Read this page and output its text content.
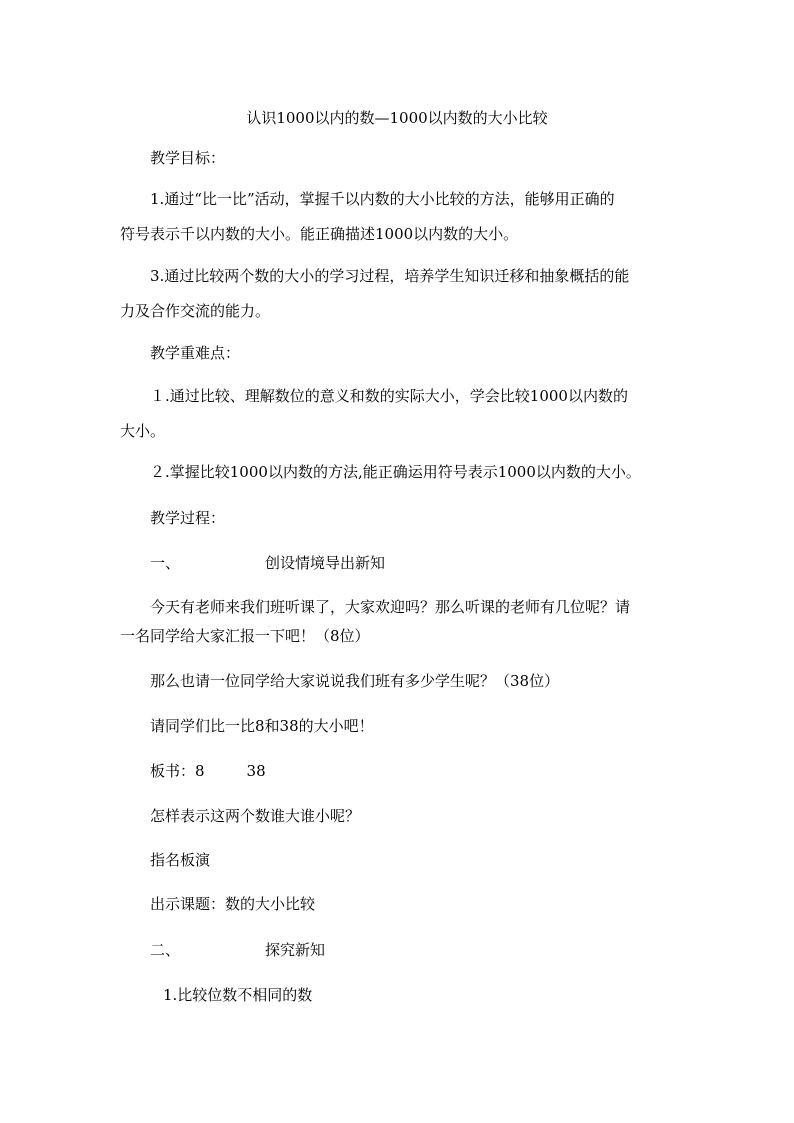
认识1000以内的数—1000以内数的大小比较
教学目标：
1.通过“比一比”活动，掌握千以内数的大小比较的方法，能够用正确的
符号表示千以内数的大小。能正确描述1000以内数的大小。
3.通过比较两个数的大小的学习过程，培养学生知识迁移和抽象概括的能
力及合作交流的能力。
教学重难点：
１.通过比较、理解数位的意义和数的实际大小，学会比较1000以内数的
大小。
２.掌握比较1000以内数的方法,能正确运用符号表示1000以内数的大小。
教学过程：
一、	创设情境导出新知
今天有老师来我们班听课了，大家欢迎吗？那么听课的老师有几位呢？请
一名同学给大家汇报一下吧！（8位）
那么也请一位同学给大家说说我们班有多少学生呢？（38位）
请同学们比一比8和38的大小吧！
板书：8	38
怎样表示这两个数谁大谁小呢？
指名板演
出示课题：数的大小比较
二、	探究新知
1.比较位数不相同的数
